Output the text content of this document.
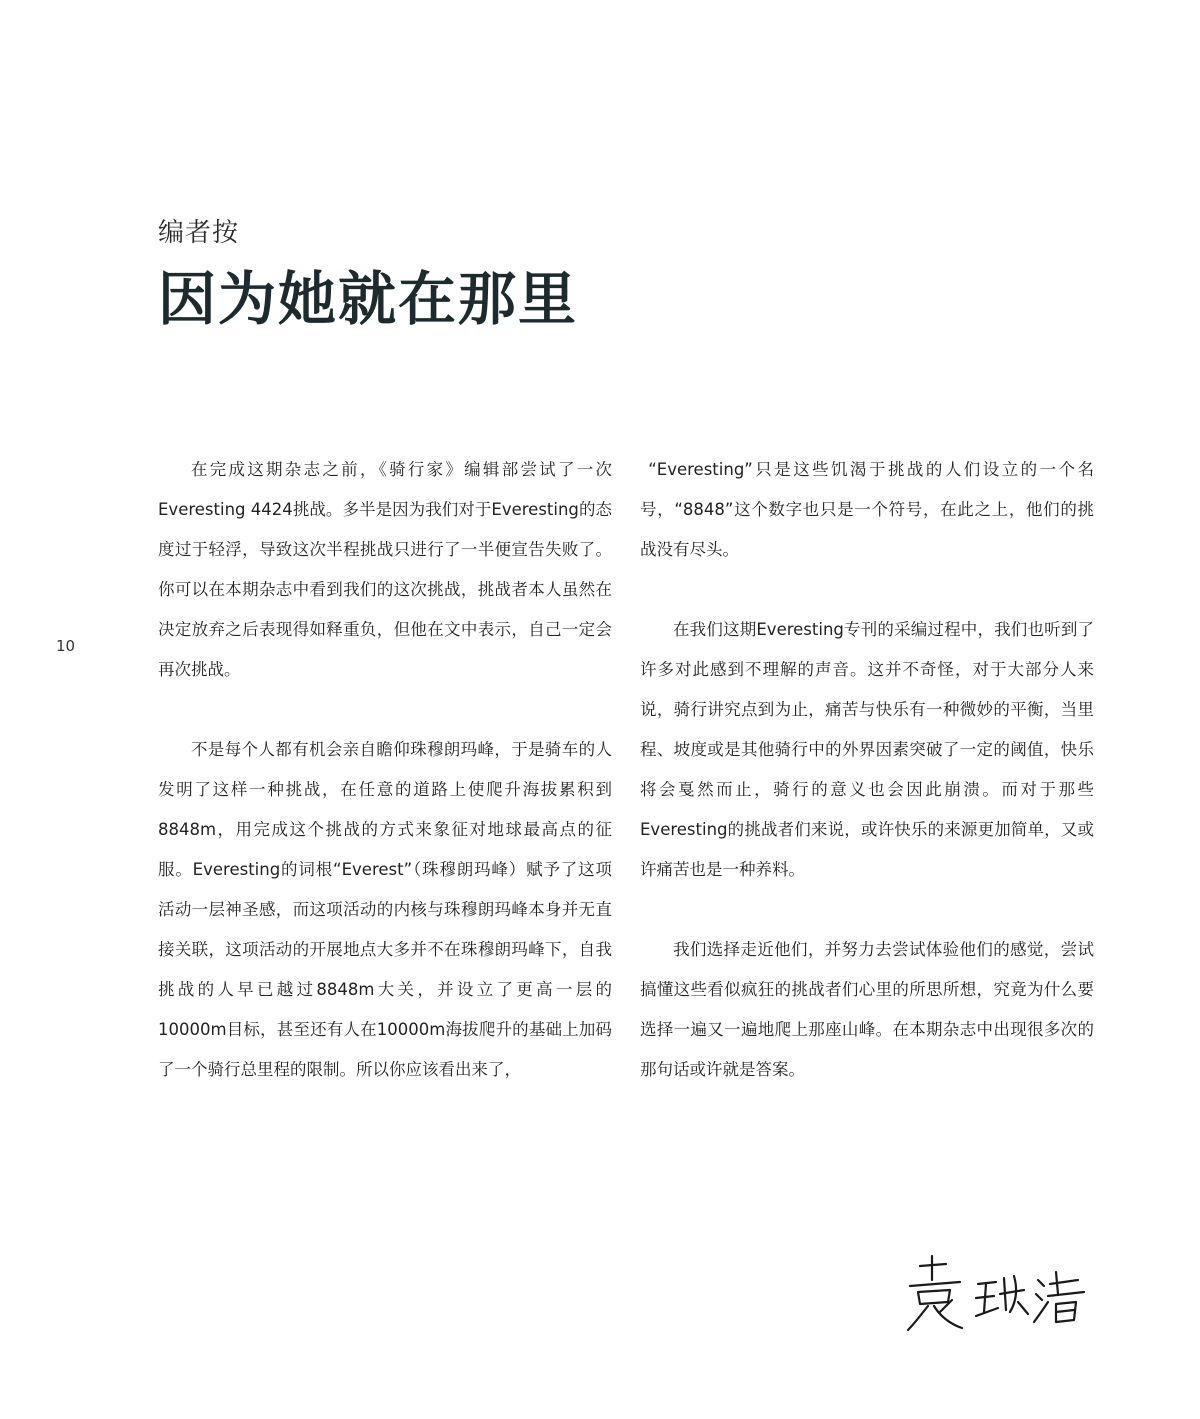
编者按
因为她就在那里
10

在完成这期杂志之前，《骑行家》编辑部尝试了一次Everesting 4424挑战。多半是因为我们对于Everesting的态度过于轻浮，导致这次半程挑战只进行了一半便宣告失败了。你可以在本期杂志中看到我们的这次挑战，挑战者本人虽然在决定放弃之后表现得如释重负，但他在文中表示，自己一定会再次挑战。

不是每个人都有机会亲自瞻仰珠穆朗玛峰，于是骑车的人发明了这样一种挑战，在任意的道路上使爬升海拔累积到8848m，用完成这个挑战的方式来象征对地球最高点的征服。Everesting的词根“Everest”（珠穆朗玛峰）赋予了这项活动一层神圣感，而这项活动的内核与珠穆朗玛峰本身并无直接关联，这项活动的开展地点大多并不在珠穆朗玛峰下，自我挑战的人早已越过8848m大关，并设立了更高一层的10000m目标，甚至还有人在10000m海拔爬升的基础上加码了一个骑行总里程的限制。所以你应该看出来了，

“Everesting”只是这些饥渴于挑战的人们设立的一个名号，“8848”这个数字也只是一个符号，在此之上，他们的挑战没有尽头。

在我们这期Everesting专刊的采编过程中，我们也听到了许多对此感到不理解的声音。这并不奇怪，对于大部分人来说，骑行讲究点到为止，痛苦与快乐有一种微妙的平衡，当里程、坡度或是其他骑行中的外界因素突破了一定的阈值，快乐将会戛然而止，骑行的意义也会因此崩溃。而对于那些Everesting的挑战者们来说，或许快乐的来源更加简单，又或许痛苦也是一种养料。

我们选择走近他们，并努力去尝试体验他们的感觉，尝试搞懂这些看似疯狂的挑战者们心里的所思所想，究竟为什么要选择一遍又一遍地爬上那座山峰。在本期杂志中出现很多次的那句话或许就是答案。
